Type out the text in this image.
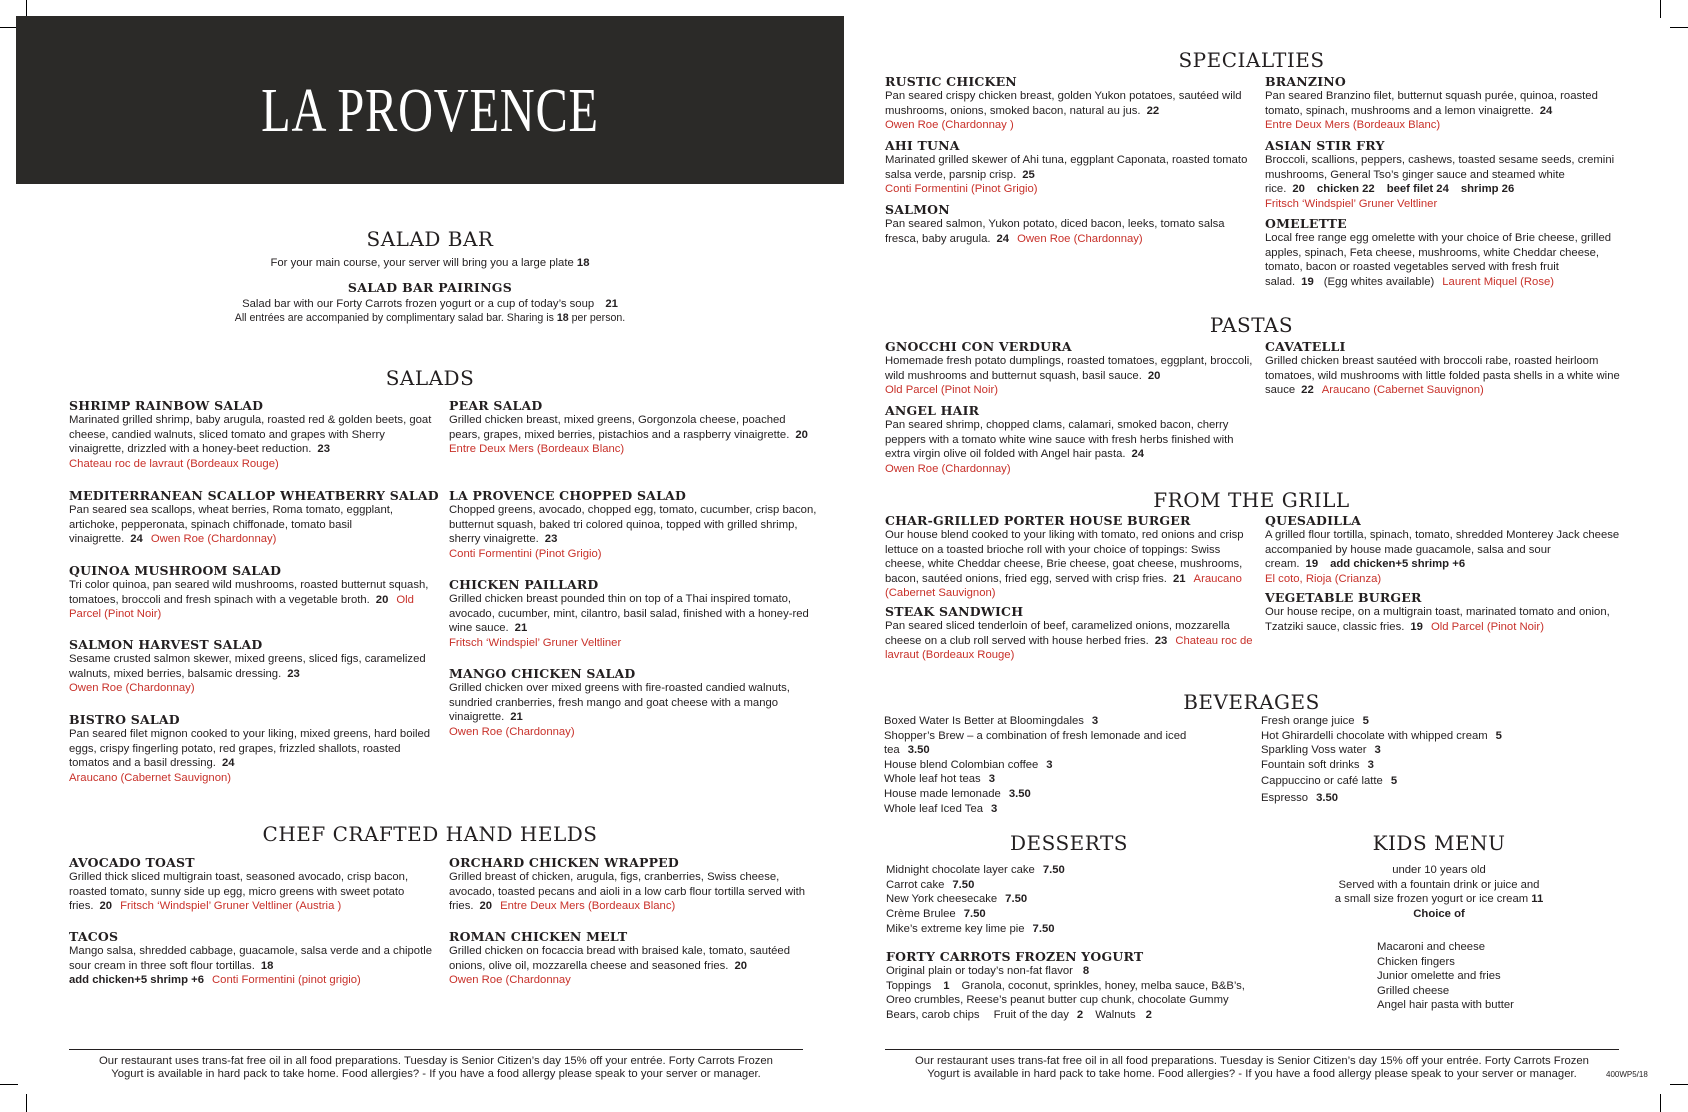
LA PROVENCE
SALAD BAR
For your main course, your server will bring you a large plate 18
SALAD BAR PAIRINGS
Salad bar with our Forty Carrots frozen yogurt or a cup of today’s soup 21
All entrées are accompanied by complimentary salad bar. Sharing is 18 per person.
SALADS
SHRIMP RAINBOW SALAD
Marinated grilled shrimp, baby arugula, roasted red & golden beets, goat cheese, candied walnuts, sliced tomato and grapes with Sherry vinaigrette, drizzled with a honey-beet reduction. 23
Chateau roc de lavraut (Bordeaux Rouge)
MEDITERRANEAN SCALLOP WHEATBERRY SALAD
Pan seared sea scallops, wheat berries, Roma tomato, eggplant, artichoke, pepperonata, spinach chiffonade, tomato basil vinaigrette. 24 Owen Roe (Chardonnay)
QUINOA MUSHROOM SALAD
Tri color quinoa, pan seared wild mushrooms, roasted butternut squash, tomatoes, broccoli and fresh spinach with a vegetable broth. 20 Old Parcel (Pinot Noir)
SALMON HARVEST SALAD
Sesame crusted salmon skewer, mixed greens, sliced figs, caramelized walnuts, mixed berries, balsamic dressing. 23
Owen Roe (Chardonnay)
BISTRO SALAD
Pan seared filet mignon cooked to your liking, mixed greens, hard boiled eggs, crispy fingerling potato, red grapes, frizzled shallots, roasted tomatos and a basil dressing. 24
Araucano (Cabernet Sauvignon)
PEAR SALAD
Grilled chicken breast, mixed greens, Gorgonzola cheese, poached pears, grapes, mixed berries, pistachios and a raspberry vinaigrette. 20
Entre Deux Mers (Bordeaux Blanc)
LA PROVENCE CHOPPED SALAD
Chopped greens, avocado, chopped egg, tomato, cucumber, crisp bacon, butternut squash, baked tri colored quinoa, topped with grilled shrimp, sherry vinaigrette. 23
Conti Formentini (Pinot Grigio)
CHICKEN PAILLARD
Grilled chicken breast pounded thin on top of a Thai inspired tomato, avocado, cucumber, mint, cilantro, basil salad, finished with a honey-red wine sauce. 21
Fritsch ‘Windspiel’ Gruner Veltliner
MANGO CHICKEN SALAD
Grilled chicken over mixed greens with fire-roasted candied walnuts, sundried cranberries, fresh mango and goat cheese with a mango vinaigrette. 21
Owen Roe (Chardonnay)
CHEF CRAFTED HAND HELDS
AVOCADO TOAST
Grilled thick sliced multigrain toast, seasoned avocado, crisp bacon, roasted tomato, sunny side up egg, micro greens with sweet potato fries. 20 Fritsch ‘Windspiel’ Gruner Veltliner (Austria )
TACOS
Mango salsa, shredded cabbage, guacamole, salsa verde and a chipotle sour cream in three soft flour tortillas. 18
add chicken+5 shrimp +6 Conti Formentini (pinot grigio)
ORCHARD CHICKEN WRAPPED
Grilled breast of chicken, arugula, figs, cranberries, Swiss cheese, avocado, toasted pecans and aioli in a low carb flour tortilla served with fries. 20 Entre Deux Mers (Bordeaux Blanc)
ROMAN CHICKEN MELT
Grilled chicken on focaccia bread with braised kale, tomato, sautéed onions, olive oil, mozzarella cheese and seasoned fries. 20
Owen Roe (Chardonnay
Our restaurant uses trans-fat free oil in all food preparations. Tuesday is Senior Citizen’s day 15% off your entrée. Forty Carrots Frozen
Yogurt is available in hard pack to take home. Food allergies? - If you have a food allergy please speak to your server or manager.
SPECIALTIES
RUSTIC CHICKEN
Pan seared crispy chicken breast, golden Yukon potatoes, sautéed wild mushrooms, onions, smoked bacon, natural au jus. 22
Owen Roe (Chardonnay )
AHI TUNA
Marinated grilled skewer of Ahi tuna, eggplant Caponata, roasted tomato salsa verde, parsnip crisp. 25
Conti Formentini (Pinot Grigio)
SALMON
Pan seared salmon, Yukon potato, diced bacon, leeks, tomato salsa fresca, baby arugula. 24 Owen Roe (Chardonnay)
BRANZINO
Pan seared Branzino filet, butternut squash purée, quinoa, roasted tomato, spinach, mushrooms and a lemon vinaigrette. 24
Entre Deux Mers (Bordeaux Blanc)
ASIAN STIR FRY
Broccoli, scallions, peppers, cashews, toasted sesame seeds, cremini mushrooms, General Tso’s ginger sauce and steamed white rice. 20 chicken 22 beef filet 24 shrimp 26
Fritsch ‘Windspiel’ Gruner Veltliner
OMELETTE
Local free range egg omelette with your choice of Brie cheese, grilled apples, spinach, Feta cheese, mushrooms, white Cheddar cheese, tomato, bacon or roasted vegetables served with fresh fruit salad. 19 (Egg whites available) Laurent Miquel (Rose)
PASTAS
GNOCCHI CON VERDURA
Homemade fresh potato dumplings, roasted tomatoes, eggplant, broccoli, wild mushrooms and butternut squash, basil sauce. 20
Old Parcel (Pinot Noir)
ANGEL HAIR
Pan seared shrimp, chopped clams, calamari, smoked bacon, cherry peppers with a tomato white wine sauce with fresh herbs finished with extra virgin olive oil folded with Angel hair pasta. 24
Owen Roe (Chardonnay)
CAVATELLI
Grilled chicken breast sautéed with broccoli rabe, roasted heirloom tomatoes, wild mushrooms with little folded pasta shells in a white wine sauce 22 Araucano (Cabernet Sauvignon)
FROM THE GRILL
CHAR-GRILLED PORTER HOUSE BURGER
Our house blend cooked to your liking with tomato, red onions and crisp lettuce on a toasted brioche roll with your choice of toppings: Swiss cheese, white Cheddar cheese, Brie cheese, goat cheese, mushrooms, bacon, sautéed onions, fried egg, served with crisp fries. 21 Araucano (Cabernet Sauvignon)
STEAK SANDWICH
Pan seared sliced tenderloin of beef, caramelized onions, mozzarella cheese on a club roll served with house herbed fries. 23 Chateau roc de lavraut (Bordeaux Rouge)
QUESADILLA
A grilled flour tortilla, spinach, tomato, shredded Monterey Jack cheese accompanied by house made guacamole, salsa and sour cream. 19 add chicken+5 shrimp +6
El coto, Rioja (Crianza)
VEGETABLE BURGER
Our house recipe, on a multigrain toast, marinated tomato and onion, Tzatziki sauce, classic fries. 19 Old Parcel (Pinot Noir)
BEVERAGES
Boxed Water Is Better at Bloomingdales 3
Shopper’s Brew – a combination of fresh lemonade and iced
tea 3.50
House blend Colombian coffee 3
Whole leaf hot teas 3
House made lemonade 3.50
Whole leaf Iced Tea 3
Fresh orange juice 5
Hot Ghirardelli chocolate with whipped cream 5
Sparkling Voss water 3
Fountain soft drinks 3
Cappuccino or café latte 5
Espresso 3.50
DESSERTS
Midnight chocolate layer cake 7.50
Carrot cake 7.50
New York cheesecake 7.50
Crème Brulee 7.50
Mike’s extreme key lime pie 7.50
FORTY CARROTS FROZEN YOGURT
Original plain or today’s non-fat flavor 8
Toppings 1 Granola, coconut, sprinkles, honey, melba sauce, B&B’s,
Oreo crumbles, Reese’s peanut butter cup chunk, chocolate Gummy
Bears, carob chips Fruit of the day 2 Walnuts 2
KIDS MENU
under 10 years old
Served with a fountain drink or juice and
a small size frozen yogurt or ice cream 11
Choice of
Macaroni and cheese
Chicken fingers
Junior omelette and fries
Grilled cheese
Angel hair pasta with butter
Our restaurant uses trans-fat free oil in all food preparations. Tuesday is Senior Citizen’s day 15% off your entrée. Forty Carrots Frozen
Yogurt is available in hard pack to take home. Food allergies? - If you have a food allergy please speak to your server or manager.	400WP5/18
